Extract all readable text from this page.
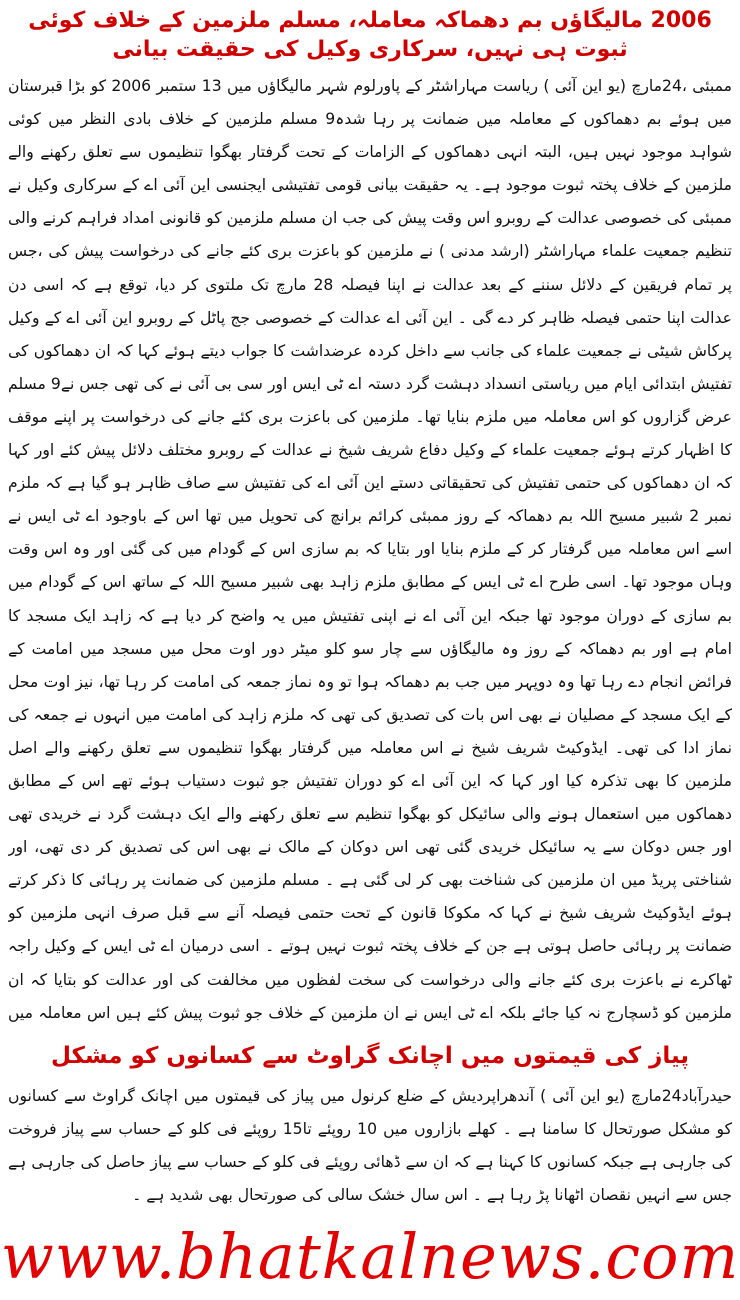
2006 مالیگاؤں بم دھماکہ معاملہ، مسلم ملزمین کے خلاف کوئی ثبوت ہی نہیں، سرکاری وکیل کی حقیقت بیانی

ممبئی ،24مارچ (یو این آئی ) ریاست مہاراشٹر کے پاورلوم شہر مالیگاؤں میں 13 ستمبر 2006 کو بڑا قبرستان میں ہوئے بم دھماکوں کے معاملہ میں ضمانت پر رہا شدہ9 مسلم ملزمین کے خلاف بادی النظر میں کوئی شواہد موجود نہیں ہیں، البتہ انہی دھماکوں کے الزامات کے تحت گرفتار بھگوا تنظیموں سے تعلق رکھنے والے ملزمین کے خلاف پختہ ثبوت موجود ہے۔ یہ حقیقت بیانی قومی تفتیشی ایجنسی این آئی اے کے سرکاری وکیل نے ممبئی کی خصوصی عدالت کے روبرو اس وقت پیش کی جب ان مسلم ملزمین کو قانونی امداد فراہم کرنے والی تنظیم جمعیت علماء مہاراشٹر (ارشد مدنی ) نے ملزمین کو باعزت بری کئے جانے کی درخواست پیش کی ،جس پر تمام فریقین کے دلائل سننے کے بعد عدالت نے اپنا فیصلہ 28 مارچ تک ملتوی کر دیا، توقع ہے کہ اسی دن عدالت اپنا حتمی فیصلہ ظاہر کر دے گی ۔ این آئی اے عدالت کے خصوصی جج پاٹل کے روبرو این آئی اے کے وکیل پرکاش شیٹی نے جمعیت علماء کی جانب سے داخل کردہ عرضداشت کا جواب دیتے ہوئے کہا کہ ان دھماکوں کی تفتیش ابتدائی ایام میں ریاستی انسداد دہشت گرد دستہ اے ٹی ایس اور سی بی آئی نے کی تھی جس نے9 مسلم عرض گزاروں کو اس معاملہ میں ملزم بنایا تھا۔ ملزمین کی باعزت بری کئے جانے کی درخواست پر اپنے موقف کا اظہار کرتے ہوئے جمعیت علماء کے وکیل دفاع شریف شیخ نے عدالت کے روبرو مختلف دلائل پیش کئے اور کہا کہ ان دھماکوں کی حتمی تفتیش کی تحقیقاتی دستے این آئی اے کی تفتیش سے صاف ظاہر ہو گیا ہے کہ ملزم نمبر 2 شبیر مسیح اللہ بم دھماکہ کے روز ممبئی کرائم برانچ کی تحویل میں تھا اس کے باوجود اے ٹی ایس نے اسے اس معاملہ میں گرفتار کر کے ملزم بنایا اور بتایا کہ بم سازی اس کے گودام میں کی گئی اور وہ اس وقت وہاں موجود تھا۔ اسی طرح اے ٹی ایس کے مطابق ملزم زاہد بھی شبیر مسیح اللہ کے ساتھ اس کے گودام میں بم سازی کے دوران موجود تھا جبکہ این آئی اے نے اپنی تفتیش میں یہ واضح کر دیا ہے کہ زاہد ایک مسجد کا امام ہے اور بم دھماکہ کے روز وہ مالیگاؤں سے چار سو کلو میٹر دور اوت محل میں مسجد میں امامت کے فرائض انجام دے رہا تھا وہ دوپہر میں جب بم دھماکہ ہوا تو وہ نماز جمعہ کی امامت کر رہا تھا، نیز اوت محل کے ایک مسجد کے مصلیان نے بھی اس بات کی تصدیق کی تھی کہ ملزم زاہد کی امامت میں انہوں نے جمعہ کی نماز ادا کی تھی۔ ایڈوکیٹ شریف شیخ نے اس معاملہ میں گرفتار بھگوا تنظیموں سے تعلق رکھنے والے اصل ملزمین کا بھی تذکرہ کیا اور کہا کہ این آئی اے کو دوران تفتیش جو ثبوت دستیاب ہوئے تھے اس کے مطابق دھماکوں میں استعمال ہونے والی سائیکل کو بھگوا تنظیم سے تعلق رکھنے والے ایک دہشت گرد نے خریدی تھی اور جس دوکان سے یہ سائیکل خریدی گئی تھی اس دوکان کے مالک نے بھی اس کی تصدیق کر دی تھی، اور شناختی پریڈ میں ان ملزمین کی شناخت بھی کر لی گئی ہے ۔ مسلم ملزمین کی ضمانت پر رہائی کا ذکر کرتے ہوئے ایڈوکیٹ شریف شیخ نے کہا کہ مکوکا قانون کے تحت حتمی فیصلہ آنے سے قبل صرف انہی ملزمین کو ضمانت پر رہائی حاصل ہوتی ہے جن کے خلاف پختہ ثبوت نہیں ہوتے ۔ اسی درمیان اے ٹی ایس کے وکیل راجہ ٹھاکرے نے باعزت بری کئے جانے والی درخواست کی سخت لفظوں میں مخالفت کی اور عدالت کو بتایا کہ ان ملزمین کو ڈسچارج نہ کیا جائے بلکہ اے ٹی ایس نے ان ملزمین کے خلاف جو ثبوت پیش کئے ہیں اس معاملہ میں

پیاز کی قیمتوں میں اچانک گراوٹ سے کسانوں کو مشکل

حیدرآباد24مارچ (یو این آئی ) آندھراپردیش کے ضلع کرنول میں پیاز کی قیمتوں میں اچانک گراوٹ سے کسانوں کو مشکل صورتحال کا سامنا ہے ۔ کھلے بازاروں میں 10 روپئے تا15 روپئے فی کلو کے حساب سے پیاز فروخت کی جارہی ہے جبکہ کسانوں کا کہنا ہے کہ ان سے ڈھائی روپئے فی کلو کے حساب سے پیاز حاصل کی جارہی ہے جس سے انہیں نقصان اٹھانا پڑ رہا ہے ۔ اس سال خشک سالی کی صورتحال بھی شدید ہے ۔

www.bhatkalnews.com
